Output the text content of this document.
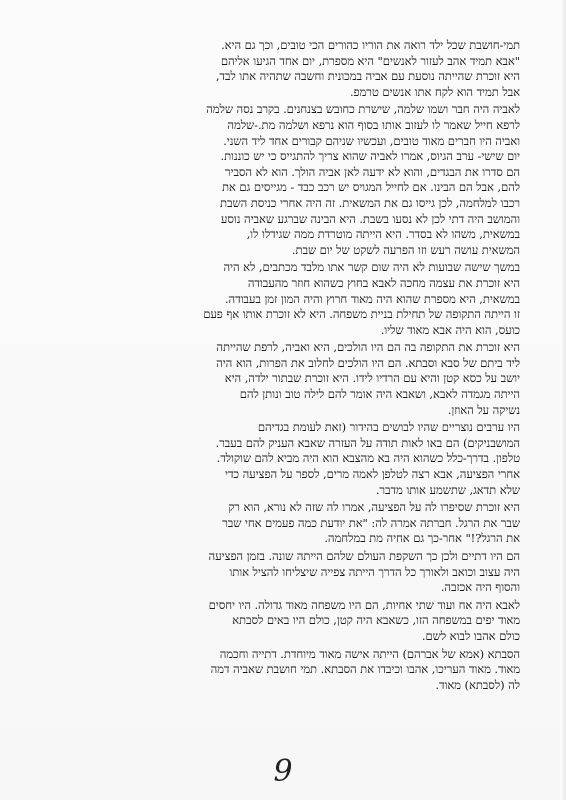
תמי-חושבת שכל ילד רואה את הוריו כהורים הכי טובים, וכך גם היא.
"אבא תמיד אהב לעזור לאנשים" היא מספרת, יום אחד הגיעו אליהם
היא זוכרת שהייתה נוסעת עם אביה במכונית וחשבה שתהיה אתו לבד,
אבל תמיד הוא לקח אתו אנשים טרמפ.
לאביה היה חבר ושמו שלמה, שישרת כחובש בצנחנים. בקרב נסה שלמה
לרפא חייל שאמר לו לעזוב אותו בסוף הוא נרפא ושלמה מת.-שלמה
ואביה היו חברים מאוד טובים, ועכשיו שניהם קבורים אחד ליד השני.
יום שישי- ערב הגיוס, אמרו לאביה שהוא צריך להתגייס כי יש כוננות.
הם סדרו את הבגדים, והוא לא ידעה לאן אביה הולך. הוא לא הסביר
להם, אבל הם הבינו. אם לחייל המגויס יש רכב כבד - מגייסים גם את
רכבו למלחמה, לכן גייסו גם את המשאית. זה היה אחרי כניסת השבת
והמושב היה דתי לכן לא נסעו בשבת. היא הבינה שברגע שאביה נוסע
במשאית, משהו לא בסדר. היא הייתה מוטרדת ממה שגידלו לו,
המשאית עושה רעש וזו הפרעה לשקט של יום שבת.
במשך שישה שבועות לא היה שום קשר אתו מלבד מכתבים, לא היה
היא זוכרת את עצמה מחכה לאבא בחוץ כשהוא חוזר מהעבודה
במשאית, היא מספרת שהוא היה מאוד חרוץ והיה המון זמן בעבודה.
זו הייתה התקופה של תחילת בניית משפחה. היא לא זוכרת אותו אף פעם
כועס, הוא היה אבא מאוד שליו.
היא זוכרת את התקופה בה הם היו הולכים, היא ואביה, לרפת שהייתה
ליד ביתם של סבא וסבתא. הם היו הולכים לחלוב את הפרות, הוא היה
יושב על כסא קטן והיא עם הרדיו לידו. היא זוכרת שבתור ילדה, היא
הייתה מגמדה לאבא, ושאבא היה אומר להם לילה טוב ונותן להם
נשיקה על האוזן.
היו ערבים נוצריים שהיו לבושים בהידור (זאת לעומת בגדיהם
המושבניקים) הם באו לאות תודה על העזרה שאבא העניק להם בעבר.
טלפון. בדרך-כלל כשהוא היה בא מהצבא הוא היה מביא להם שוקולד.
אחרי הפציעה, אבא רצה לטלפן לאמה מרים, לספר על הפציעה כדי
שלא תדאג, שתשמע אותו מדבר.
היא זוכרת שסיפרו לה על הפציעה, אמרו לה שזה לא נורא, הוא רק
שבר את הרגל. חברתה אמרה לה: "את יודעת כמה פעמים אחי שבר
את הרגל?!" אחר-כך גם אחיה מת במלחמה.
הם היו דתיים ולכן כך השקפת העולם שלהם הייתה שונה. בזמן הפציעה
היה עצוב וכואב ולאורך כל הדרך הייתה צפייה שיצליחו להציל אותו
והסוף היה אכזבה.
לאבא היה אח ועוד שתי אחיות, הם היו משפחה מאוד גדולה. היו יחסים
מאוד יפים במשפחה הזו, כשאבא היה קטן, כולם היו באים לסבתא
כולם אהבו לבוא לשם.
הסבתא (אמא של אברהם) הייתה אישה מאוד מיוחדת. דתייה וחכמה
מאוד. מאוד העריכו, אהבו וכיבדו את הסבתא. תמי חושבת שאביה דמה
לה (לסבתא) מאוד.
9
